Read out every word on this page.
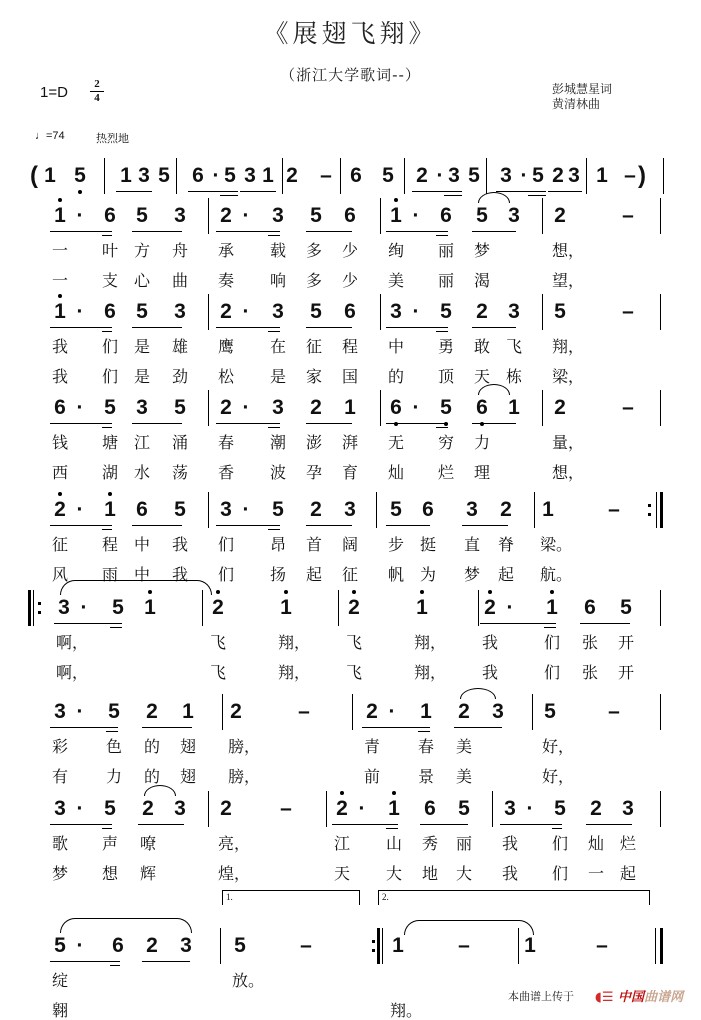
《展翅飞翔》
（浙江大学歌词--）
1=D	2
4
彭城慧星词
黄清林曲
♩=74	热烈地
1 5 1 3 5 6 · 5 3 1 2 – 6 5 2 · 3 5 3 · 5 2 3 1 –
(	)
1 · 6 5 3 2 · 3 5 6 1 · 6 5 3 2	–
一 叶 方 舟 承 载 多 少 绚 丽 梦	想，
一 支 心 曲 奏 响 多 少 美 丽 渴	望，
1 · 6 5 3 2 · 3 5 6 3 · 5 2 3 5	–
我 们 是 雄 鹰 在 征 程 中 勇 敢 飞 翔，
我 们 是 劲 松 是 家 国 的 顶 天 栋 梁，
6 · 5 3 5 2 · 3 2 1 6 · 5 6 1 2	–
钱 塘 江 涌 春 潮 澎 湃 无 穷 力	量，
西 湖 水 荡 香 波 孕 育 灿 烂 理	想，
2 · 1 6 5 3 · 5 2 3 5 6 3 2 1	–
征 程 中 我 们 昂 首 阔 步 挺 直 脊 梁。
风 雨 中 我 们 扬 起 征 帆 为 梦 起 航。
3 · 5 1	2	1	2	1	2 · 1 6 5
啊，	飞	翔， 飞	翔， 我	们 张 开
啊，	飞	翔， 飞	翔， 我	们 张 开
3 · 5 2 1 2	–	2 · 1 2 3 5 –
彩 色 的 翅 膀，	青 春 美	好，
有 力 的 翅 膀，	前 景 美	好，
3 · 5 2 3 2 – 2 · 1 6 5 3 · 5 2 3
歌 声 嘹	亮，	江 山 秀 丽 我 们 灿 烂
梦 想 辉	煌，	天 大 地 大 我 们 一 起
5 · 6 2 3 5	–	1	–	1	–
1.	2.
绽	放。
翱	翔。
本曲谱上传于 ◖☰ 中国曲谱网
